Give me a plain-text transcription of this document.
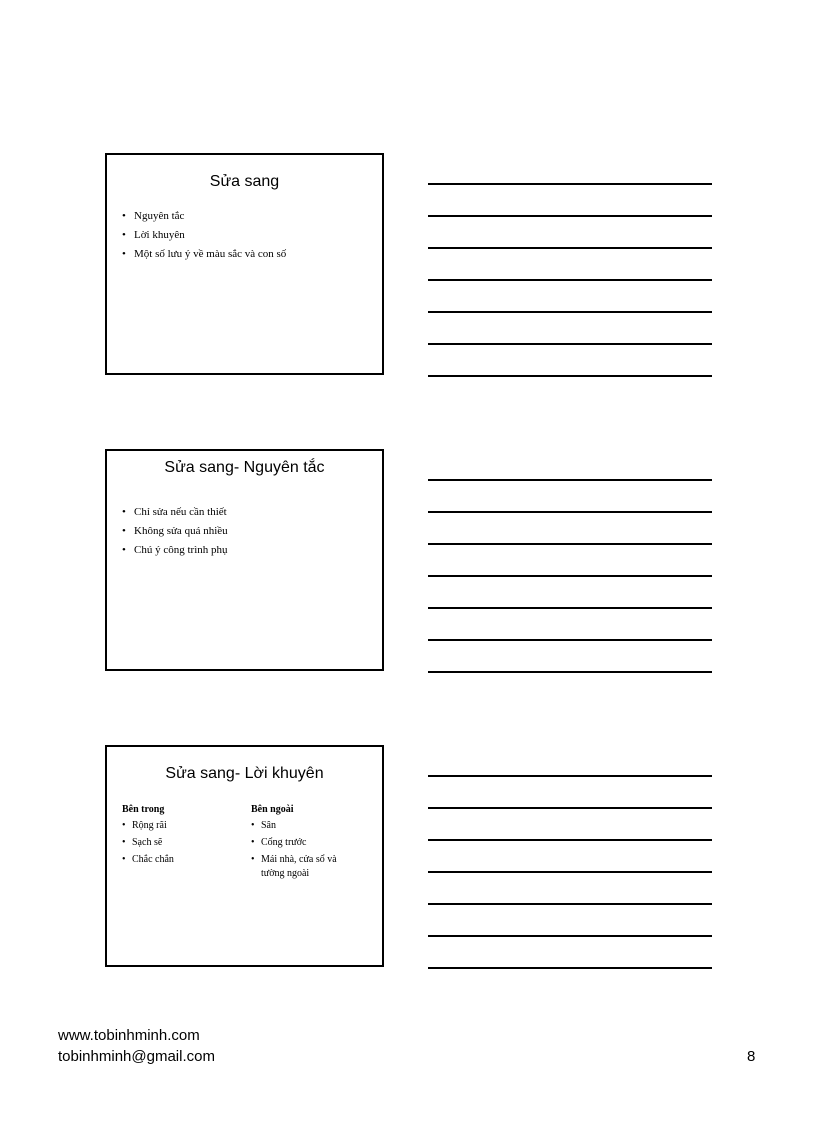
Sửa sang
• Nguyên tắc
• Lời khuyên
• Một số lưu ý về màu sắc và con số
Sửa sang- Nguyên tắc
• Chỉ sửa nếu cần thiết
• Không sửa quá nhiều
• Chú ý công trình phụ
Sửa sang- Lời khuyên
Bên trong
• Rộng rãi
• Sạch sẽ
• Chắc chắn
Bên ngoài
• Sân
• Cổng trước
• Mái nhà, cửa sổ và tường ngoài
www.tobinhminh.com
tobinhminh@gmail.com	8
